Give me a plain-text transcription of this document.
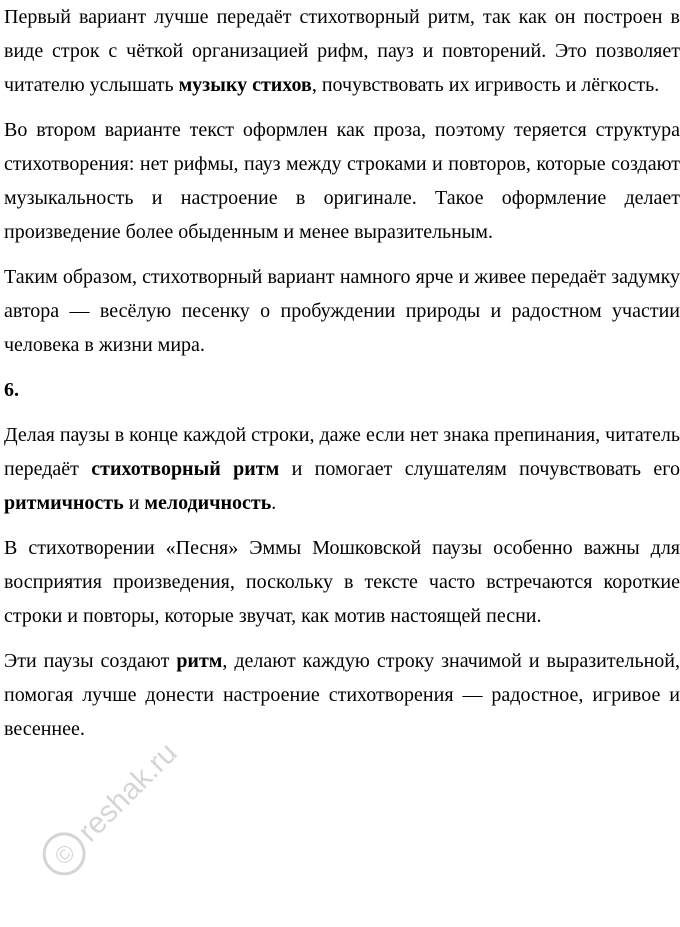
Первый вариант лучше передаёт стихотворный ритм, так как он построен в виде строк с чёткой организацией рифм, пауз и повторений. Это позволяет читателю услышать музыку стихов, почувствовать их игривость и лёгкость.

Во втором варианте текст оформлен как проза, поэтому теряется структура стихотворения: нет рифмы, пауз между строками и повторов, которые создают музыкальность и настроение в оригинале. Такое оформление делает произведение более обыденным и менее выразительным.

Таким образом, стихотворный вариант намного ярче и живее передаёт задумку автора — весёлую песенку о пробуждении природы и радостном участии человека в жизни мира.

6.

Делая паузы в конце каждой строки, даже если нет знака препинания, читатель передаёт стихотворный ритм и помогает слушателям почувствовать его ритмичность и мелодичность.

В стихотворении «Песня» Эммы Мошковской паузы особенно важны для восприятия произведения, поскольку в тексте часто встречаются короткие строки и повторы, которые звучат, как мотив настоящей песни.

Эти паузы создают ритм, делают каждую строку значимой и выразительной, помогая лучше донести настроение стихотворения — радостное, игривое и весеннее.

©
reshak.ru
